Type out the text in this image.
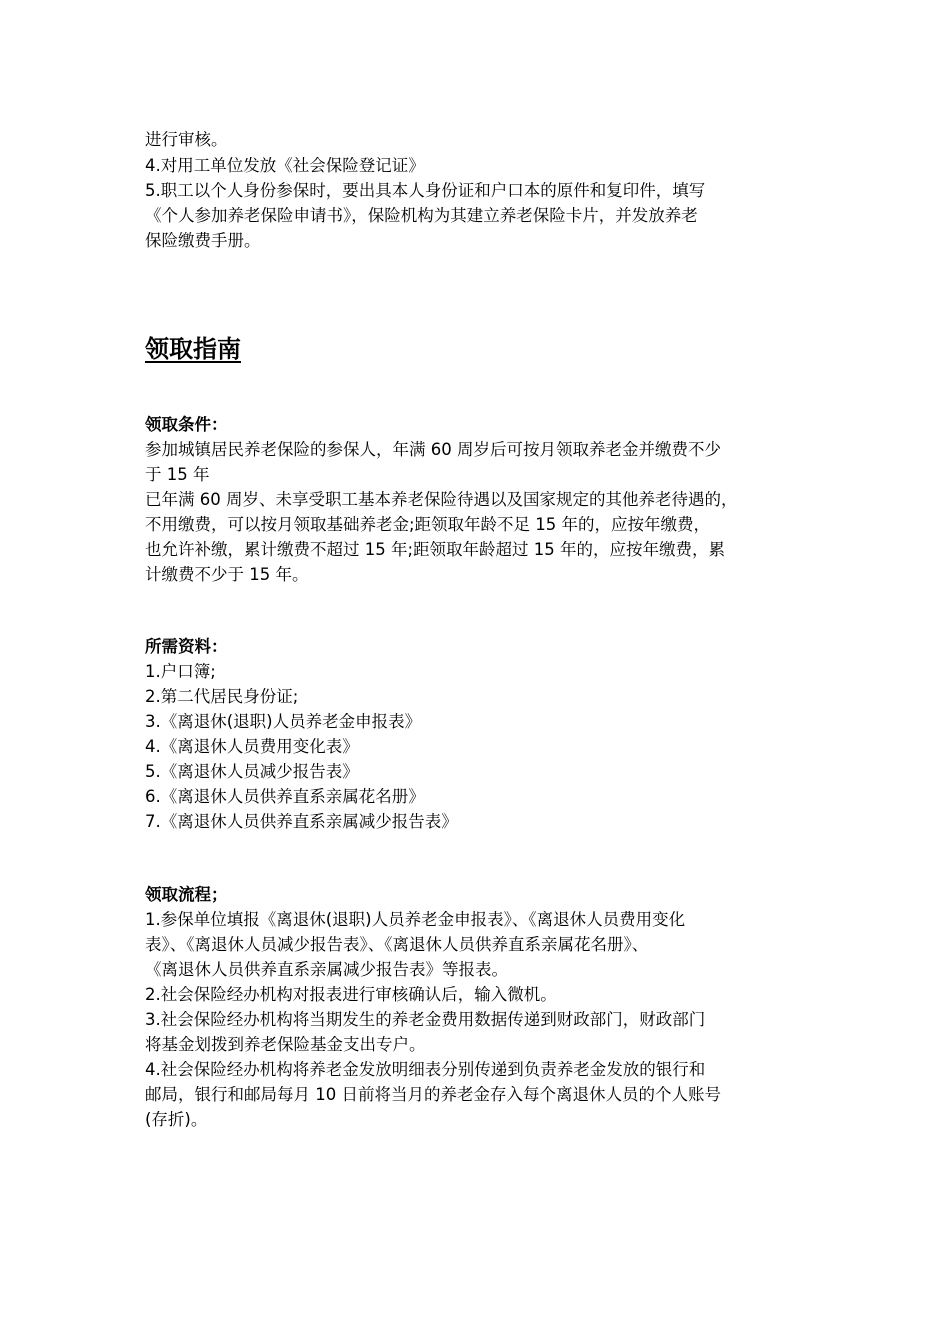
进行审核。
4.对用工单位发放《社会保险登记证》
5.职工以个人身份参保时，要出具本人身份证和户口本的原件和复印件，填写
《个人参加养老保险申请书》，保险机构为其建立养老保险卡片，并发放养老
保险缴费手册。
领取指南
领取条件：
参加城镇居民养老保险的参保人，年满 60 周岁后可按月领取养老金并缴费不少
于 15 年
已年满 60 周岁、未享受职工基本养老保险待遇以及国家规定的其他养老待遇的，
不用缴费，可以按月领取基础养老金;距领取年龄不足 15 年的，应按年缴费，
也允许补缴，累计缴费不超过 15 年;距领取年龄超过 15 年的，应按年缴费，累
计缴费不少于 15 年。
所需资料：
1.户口簿;
2.第二代居民身份证;
3.《离退休(退职)人员养老金申报表》
4.《离退休人员费用变化表》
5.《离退休人员减少报告表》
6.《离退休人员供养直系亲属花名册》
7.《离退休人员供养直系亲属减少报告表》
领取流程；
1.参保单位填报《离退休(退职)人员养老金申报表》、《离退休人员费用变化
表》、《离退休人员减少报告表》、《离退休人员供养直系亲属花名册》、
《离退休人员供养直系亲属减少报告表》等报表。
2.社会保险经办机构对报表进行审核确认后，输入微机。
3.社会保险经办机构将当期发生的养老金费用数据传递到财政部门，财政部门
将基金划拨到养老保险基金支出专户。
4.社会保险经办机构将养老金发放明细表分别传递到负责养老金发放的银行和
邮局，银行和邮局每月 10 日前将当月的养老金存入每个离退休人员的个人账号
(存折)。
